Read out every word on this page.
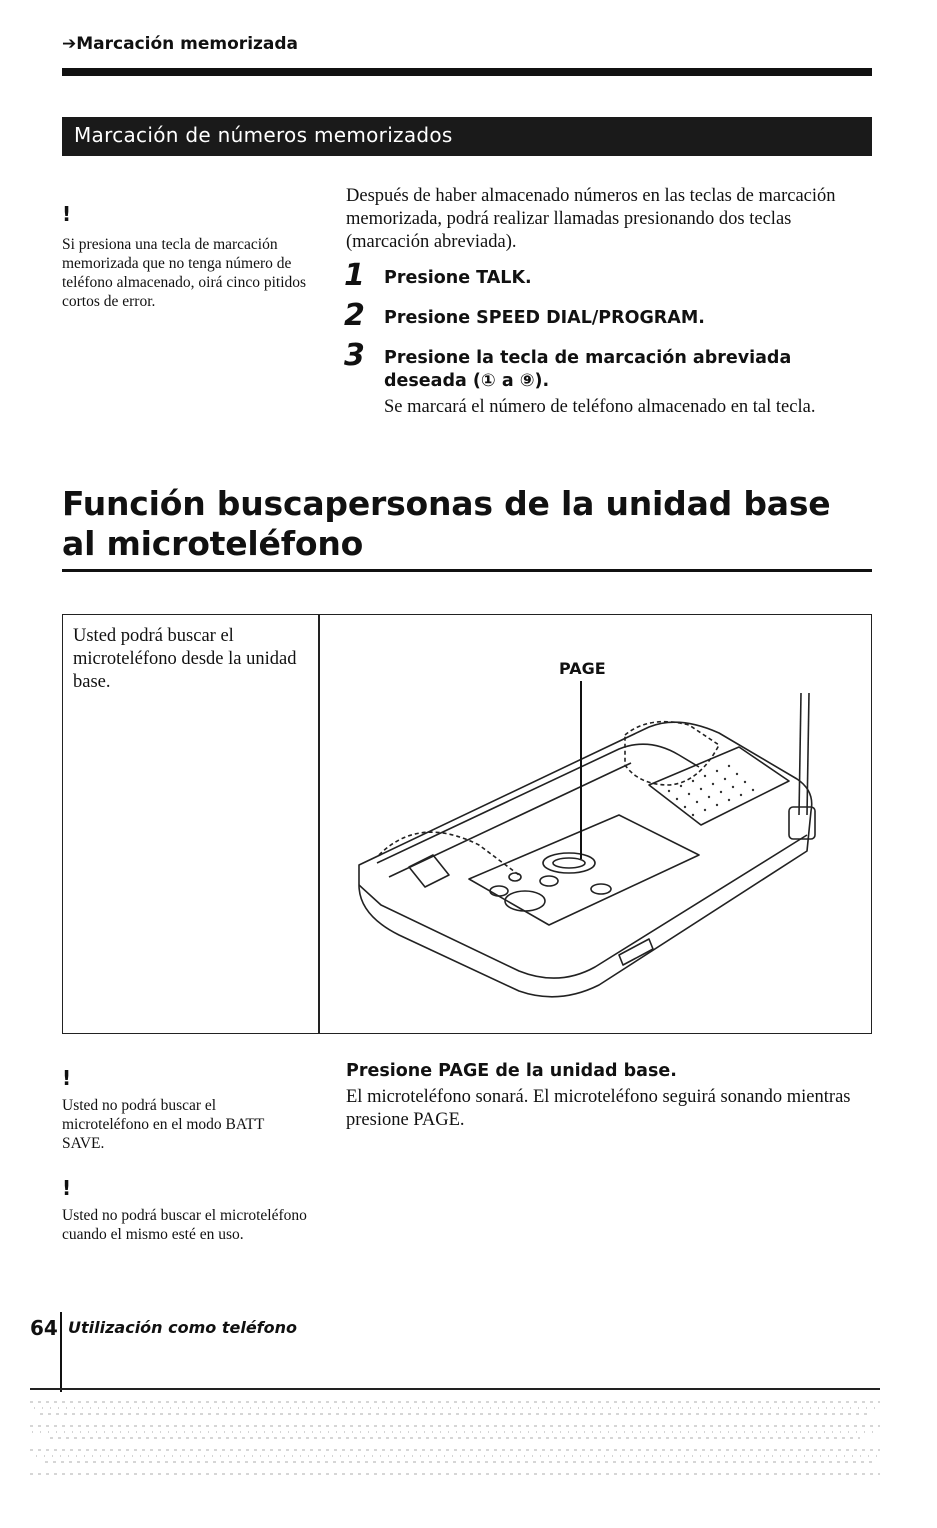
➔Marcación memorizada
Marcación de números memorizados
!
Si presiona una tecla de marcación memorizada que no tenga número de teléfono almacenado, oirá cinco pitidos cortos de error.
Después de haber almacenado números en las teclas de marcación memorizada, podrá realizar llamadas presionando dos teclas (marcación abreviada).
1 Presione TALK.
2 Presione SPEED DIAL/PROGRAM.
3 Presione la tecla de marcación abreviada deseada (① a ⑨).
Se marcará el número de teléfono almacenado en tal tecla.
Función buscapersonas de la unidad base al microteléfono
Usted podrá buscar el microteléfono desde la unidad base.
PAGE
!
Usted no podrá buscar el microteléfono en el modo BATT SAVE.
!
Usted no podrá buscar el microteléfono cuando el mismo esté en uso.
Presione PAGE de la unidad base.
El microteléfono sonará. El microteléfono seguirá sonando mientras presione PAGE.
64 Utilización como teléfono
